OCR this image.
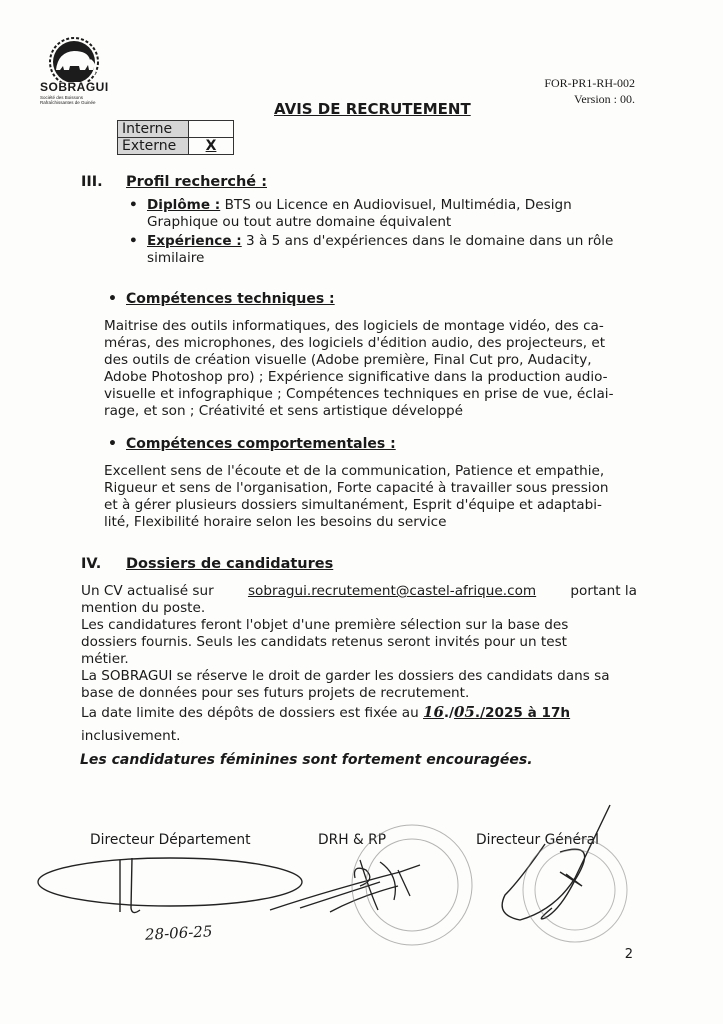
SOBRAGUI
Société des Boissons Rafraîchissantes de Guinée
FOR-PR1-RH-002
Version : 00.
AVIS DE RECRUTEMENT
Interne	
Externe	X
III. Profil recherché :
• Diplôme : BTS ou Licence en Audiovisuel, Multimédia, Design
Graphique ou tout autre domaine équivalent
• Expérience : 3 à 5 ans d'expériences dans le domaine dans un rôle
similaire
• Compétences techniques :
Maitrise des outils informatiques, des logiciels de montage vidéo, des ca-
méras, des microphones, des logiciels d'édition audio, des projecteurs, et
des outils de création visuelle (Adobe première, Final Cut pro, Audacity,
Adobe Photoshop pro) ; Expérience significative dans la production audio-
visuelle et infographique ; Compétences techniques en prise de vue, éclai-
rage, et son ; Créativité et sens artistique développé
• Compétences comportementales :
Excellent sens de l'écoute et de la communication, Patience et empathie,
Rigueur et sens de l'organisation, Forte capacité à travailler sous pression
et à gérer plusieurs dossiers simultanément, Esprit d'équipe et adaptabi-
lité, Flexibilité horaire selon les besoins du service
IV. Dossiers de candidatures
Un CV actualisé sur	sobragui.recrutement@castel-afrique.com	portant la
mention du poste.
Les candidatures feront l'objet d'une première sélection sur la base des
dossiers fournis. Seuls les candidats retenus seront invités pour un test
métier.
La SOBRAGUI se réserve le droit de garder les dossiers des candidats dans sa
base de données pour ses futurs projets de recrutement.
La date limite des dépôts de dossiers est fixée au 16./05./2025 à 17h
inclusivement.
Les candidatures féminines sont fortement encouragées.
Directeur Département	DRH & RP	Directeur Général
28-06-25
2
